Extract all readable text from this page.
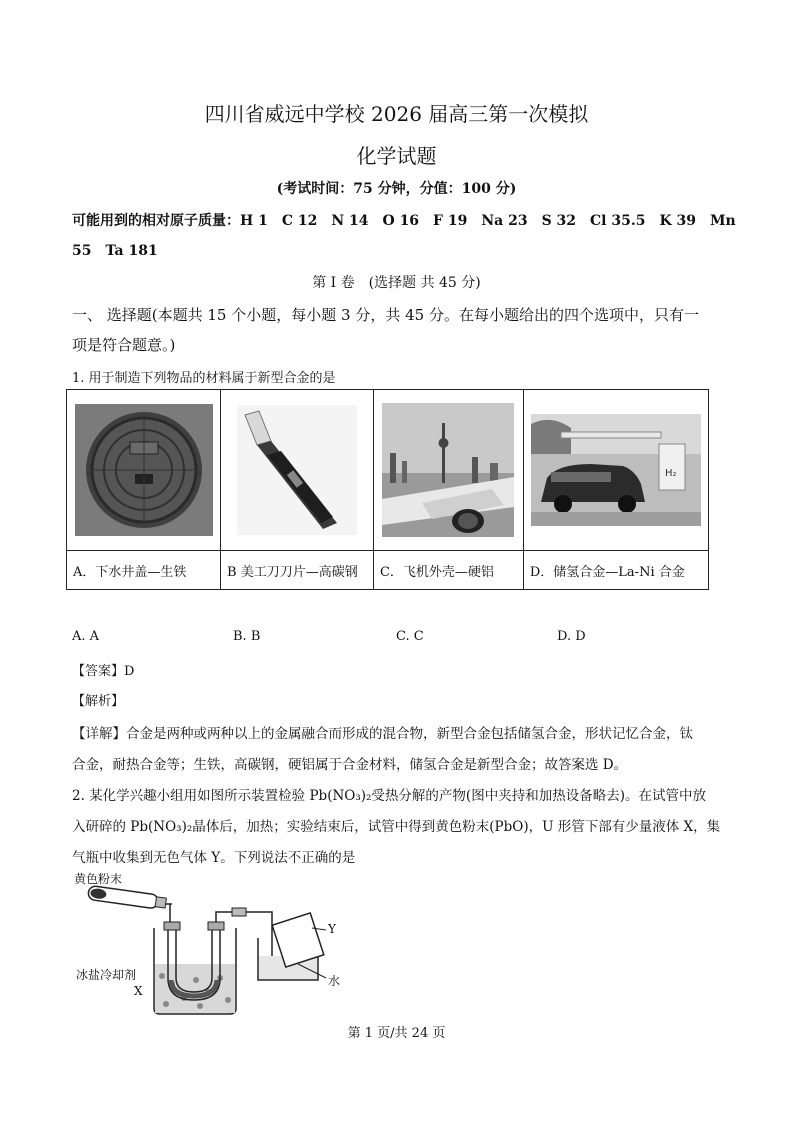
四川省威远中学校 2026 届高三第一次模拟
化学试题
(考试时间：75 分钟，分值：100 分)
可能用到的相对原子质量：H 1　C 12　N 14　O 16　F 19　Na 23　S 32　Cl 35.5　K 39　Mn
55　Ta 181
第 I 卷　(选择题 共 45 分)
一、 选择题(本题共 15 个小题，每小题 3 分，共 45 分。在每小题给出的四个选项中，只有一
项是符合题意。)
1. 用于制造下列物品的材料属于新型合金的是

H₂

A．下水井盖—生铁	B 美工刀刀片—高碳钢	C．飞机外壳—硬铝	D．储氢合金—La-Ni 合金
A. A	B. B	C. C	D. D
【答案】D
【解析】
【详解】合金是两种或两种以上的金属融合而形成的混合物，新型合金包括储氢合金，形状记忆合金，钛
合金，耐热合金等；生铁，高碳钢，硬铝属于合金材料，储氢合金是新型合金；故答案选 D。
2. 某化学兴趣小组用如图所示装置检验 Pb(NO₃)₂受热分解的产物(图中夹持和加热设备略去)。在试管中放
入研碎的 Pb(NO₃)₂晶体后，加热；实验结束后，试管中得到黄色粉末(PbO)，U 形管下部有少量液体 X，集
气瓶中收集到无色气体 Y。下列说法不正确的是
黄色粉末
冰盐冷却剂
X
Y
水
第 1 页/共 24 页
